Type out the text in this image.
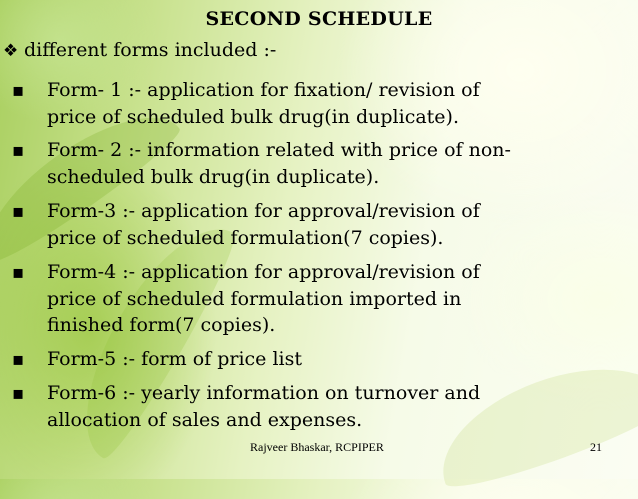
SECOND SCHEDULE
❖ different forms included :-
▪ Form- 1 :- application for fixation/ revision of
price of scheduled bulk drug(in duplicate).
▪ Form- 2 :- information related with price of non-
scheduled bulk drug(in duplicate).
▪ Form-3 :- application for approval/revision of
price of scheduled formulation(7 copies).
▪ Form-4 :- application for approval/revision of
price of scheduled formulation imported in
finished form(7 copies).
▪ Form-5 :- form of price list
▪ Form-6 :- yearly information on turnover and
allocation of sales and expenses.
Rajveer Bhaskar, RCPIPER	21
